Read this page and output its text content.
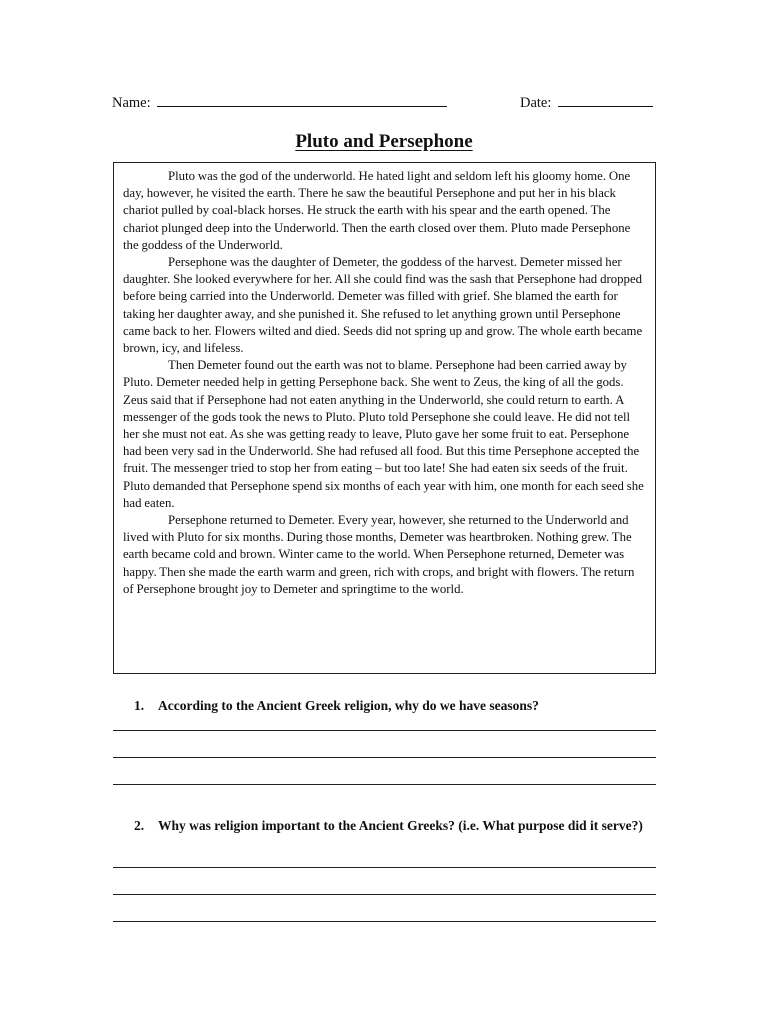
Name:	Date:
Pluto and Persephone

Pluto was the god of the underworld. He hated light and seldom left his gloomy home. One day, however, he visited the earth. There he saw the beautiful Persephone and put her in his black chariot pulled by coal-black horses. He struck the earth with his spear and the earth opened. The chariot plunged deep into the Underworld. Then the earth closed over them. Pluto made Persephone the goddess of the Underworld.

Persephone was the daughter of Demeter, the goddess of the harvest. Demeter missed her daughter. She looked everywhere for her. All she could find was the sash that Persephone had dropped before being carried into the Underworld. Demeter was filled with grief. She blamed the earth for taking her daughter away, and she punished it. She refused to let anything grown until Persephone came back to her. Flowers wilted and died. Seeds did not spring up and grow. The whole earth became brown, icy, and lifeless.

Then Demeter found out the earth was not to blame. Persephone had been carried away by Pluto. Demeter needed help in getting Persephone back. She went to Zeus, the king of all the gods. Zeus said that if Persephone had not eaten anything in the Underworld, she could return to earth. A messenger of the gods took the news to Pluto. Pluto told Persephone she could leave. He did not tell her she must not eat. As she was getting ready to leave, Pluto gave her some fruit to eat. Persephone had been very sad in the Underworld. She had refused all food. But this time Persephone accepted the fruit. The messenger tried to stop her from eating – but too late! She had eaten six seeds of the fruit. Pluto demanded that Persephone spend six months of each year with him, one month for each seed she had eaten.

Persephone returned to Demeter. Every year, however, she returned to the Underworld and lived with Pluto for six months. During those months, Demeter was heartbroken. Nothing grew. The earth became cold and brown. Winter came to the world. When Persephone returned, Demeter was happy. Then she made the earth warm and green, rich with crops, and bright with flowers. The return of Persephone brought joy to Demeter and springtime to the world.

1. According to the Ancient Greek religion, why do we have seasons?
2. Why was religion important to the Ancient Greeks? (i.e. What purpose did it serve?)
